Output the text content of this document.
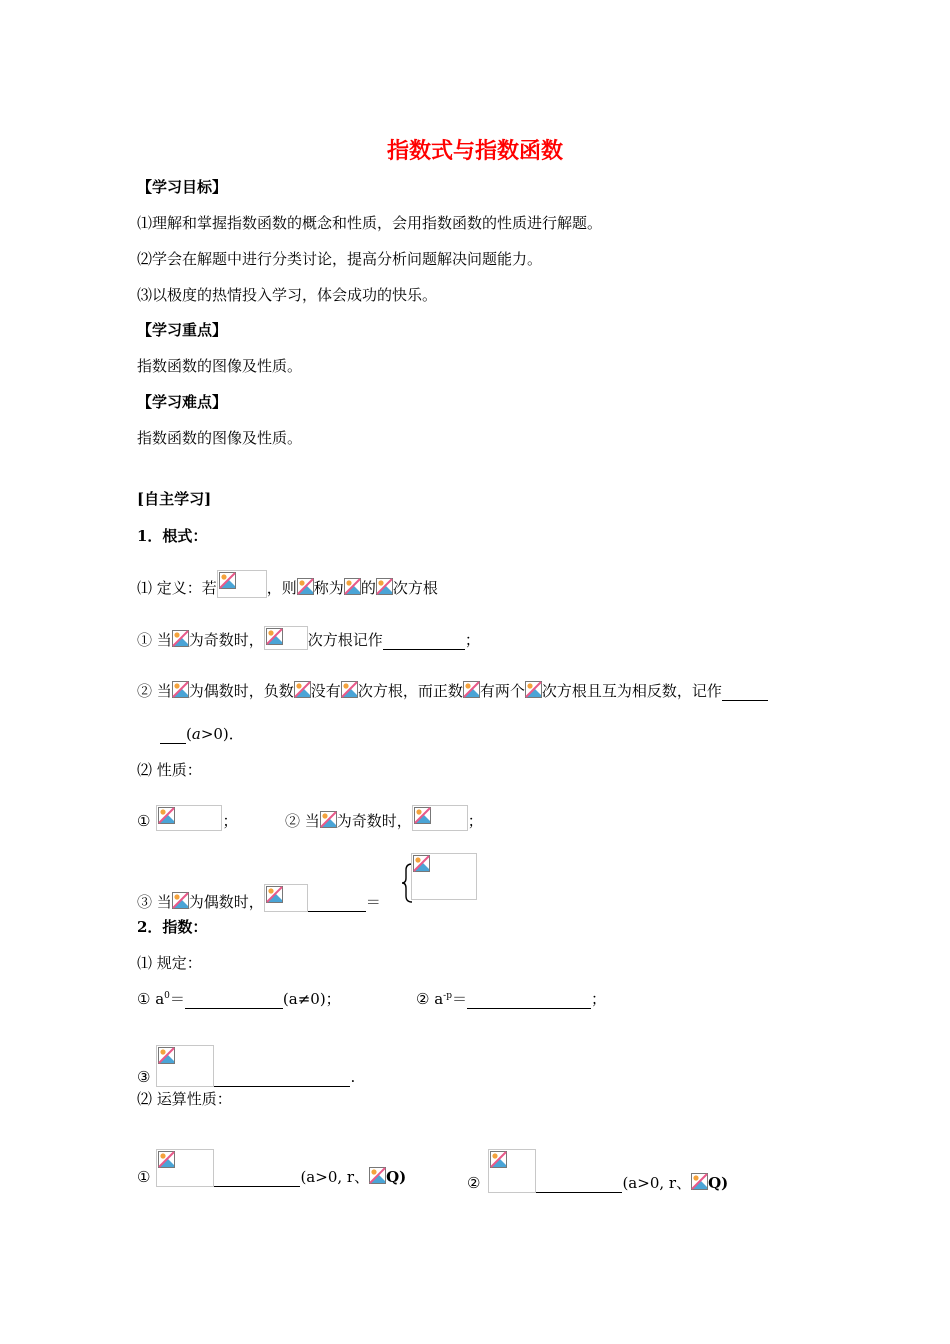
指数式与指数函数
【学习目标】
⑴理解和掌握指数函数的概念和性质，会用指数函数的性质进行解题。
⑵学会在解题中进行分类讨论，提高分析问题解决问题能力。
⑶以极度的热情投入学习，体会成功的快乐。
【学习重点】
指数函数的图像及性质。
【学习难点】
指数函数的图像及性质。
[自主学习]
1．根式：
⑴ 定义：若	，则 称为 的 次方根
① 当 为奇数时，	次方根记作	；
② 当 为偶数时，负数 没有 次方根，而正数 有两个 次方根且互为相反数，记作
(a>0)．
⑵ 性质：
①	；	② 当 为奇数时，	；
③ 当 为偶数时，	＝
2．指数：
⑴ 规定：
① $a^0=$	(a≠0)；	② $a^{-p}=$	；
③	.
⑵ 运算性质：
①	(a>0, r、 Q)	②	(a>0, r、 Q)
